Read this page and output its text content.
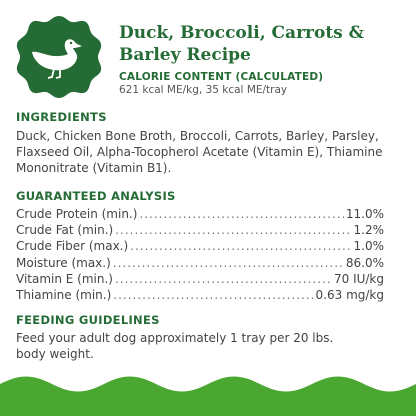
Duck, Broccoli, Carrots & Barley Recipe
CALORIE CONTENT (CALCULATED)
621 kcal ME/kg, 35 kcal ME/tray
INGREDIENTS

Duck, Chicken Bone Broth, Broccoli, Carrots, Barley, Parsley, Flaxseed Oil, Alpha-Tocopherol Acetate (Vitamin E), Thiamine Mononitrate (Vitamin B1).

GUARANTEED ANALYSIS
Crude Protein (min.) .....	11.0%
Crude Fat (min.) .....	1.2%
Crude Fiber (max.) .....	1.0%
Moisture (max.) .....	86.0%
Vitamin E (min.) .....	70 IU/kg
Thiamine (min.) .....	0.63 mg/kg
FEEDING GUIDELINES

Feed your adult dog approximately 1 tray per 20 lbs. body weight.
